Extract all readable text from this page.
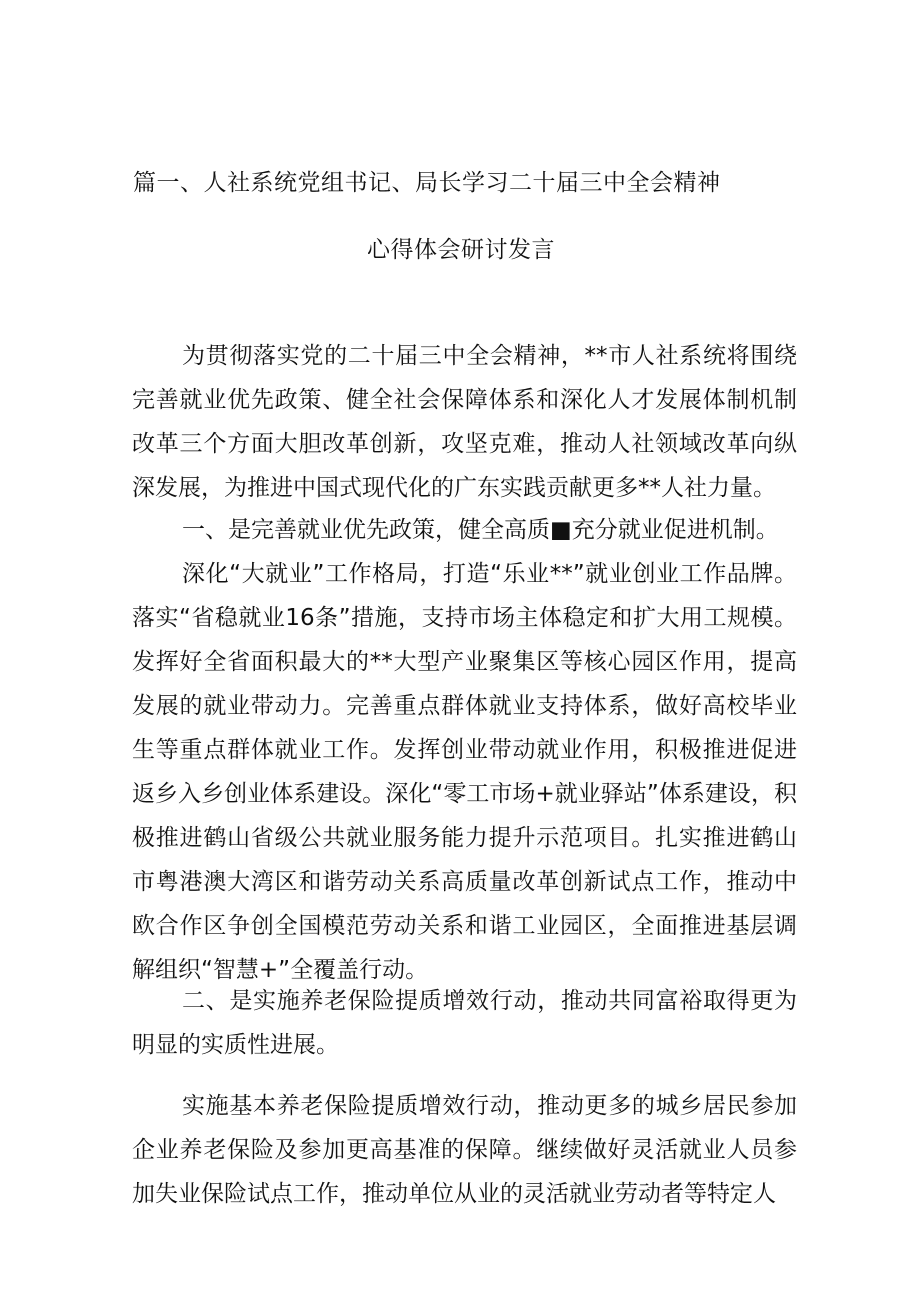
篇一、人社系统党组书记、局长学习二十届三中全会精神
心得体会研讨发言

为贯彻落实党的二十届三中全会精神，**市人社系统将围绕完善就业优先政策、健全社会保障体系和深化人才发展体制机制改革三个方面大胆改革创新，攻坚克难，推动人社领域改革向纵深发展，为推进中国式现代化的广东实践贡献更多**人社力量。

一、是完善就业优先政策，健全高质■充分就业促进机制。

深化“大就业”工作格局，打造“乐业**”就业创业工作品牌。落实“省稳就业16条”措施，支持市场主体稳定和扩大用工规模。发挥好全省面积最大的**大型产业聚集区等核心园区作用，提高发展的就业带动力。完善重点群体就业支持体系，做好高校毕业生等重点群体就业工作。发挥创业带动就业作用，积极推进促进返乡入乡创业体系建设。深化“零工市场+就业驿站”体系建设，积极推进鹤山省级公共就业服务能力提升示范项目。扎实推进鹤山市粤港澳大湾区和谐劳动关系高质量改革创新试点工作，推动中欧合作区争创全国模范劳动关系和谐工业园区，全面推进基层调解组织“智慧+”全覆盖行动。

二、是实施养老保险提质增效行动，推动共同富裕取得更为明显的实质性进展。

实施基本养老保险提质增效行动，推动更多的城乡居民参加企业养老保险及参加更高基准的保障。继续做好灵活就业人员参加失业保险试点工作，推动单位从业的灵活就业劳动者等特定人
